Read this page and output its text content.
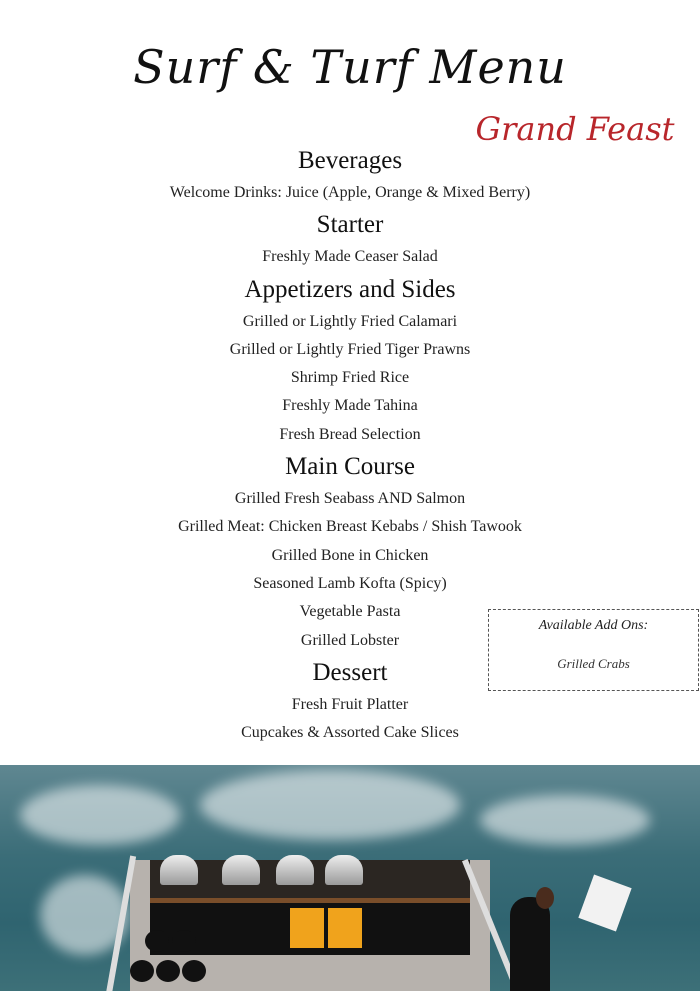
Surf & Turf Menu
Grand Feast
Beverages
Welcome Drinks: Juice (Apple, Orange & Mixed Berry)
Starter
Freshly Made Ceaser Salad
Appetizers and Sides
Grilled or Lightly Fried Calamari
Grilled or Lightly Fried Tiger Prawns
Shrimp Fried Rice
Freshly Made Tahina
Fresh Bread Selection
Main Course
Grilled Fresh Seabass AND Salmon
Grilled Meat: Chicken Breast Kebabs / Shish Tawook
Grilled Bone in Chicken
Seasoned Lamb Kofta (Spicy)
Vegetable Pasta
Grilled Lobster
Dessert
Fresh Fruit Platter
Cupcakes & Assorted Cake Slices
Available Add Ons:
Grilled Crabs
